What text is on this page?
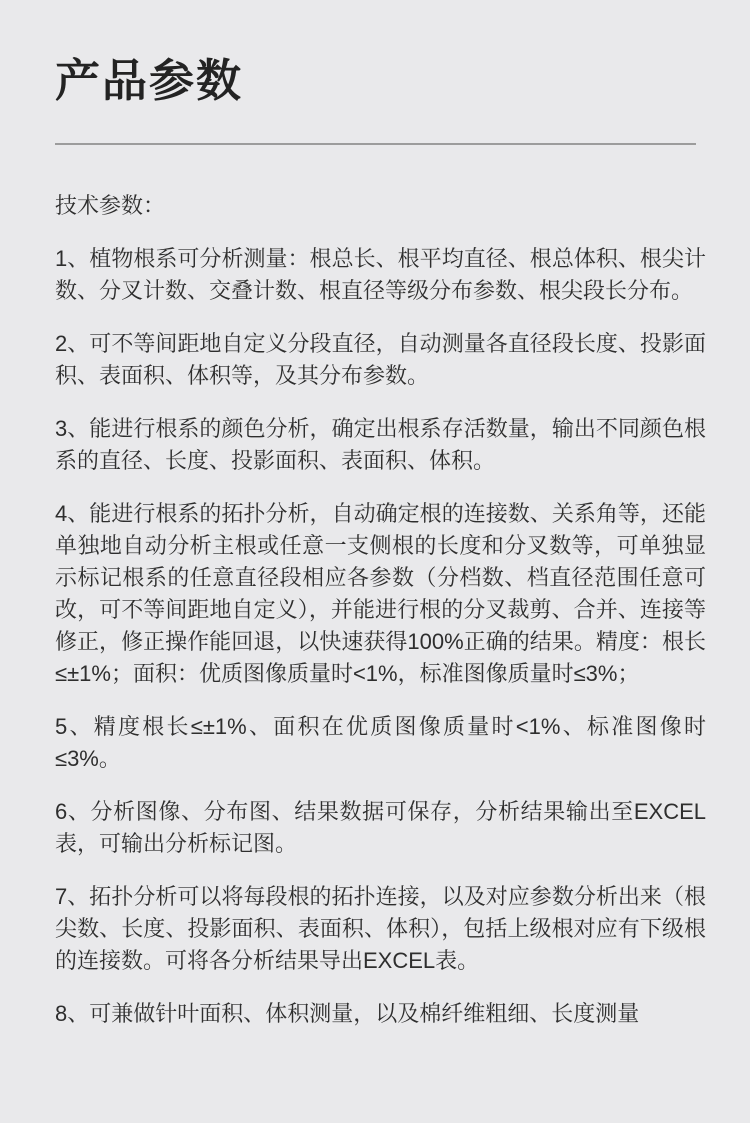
产品参数

技术参数：

1、植物根系可分析测量：根总长、根平均直径、根总体积、根尖计数、分叉计数、交叠计数、根直径等级分布参数、根尖段长分布。

2、可不等间距地自定义分段直径，自动测量各直径段长度、投影面积、表面积、体积等，及其分布参数。

3、能进行根系的颜色分析，确定出根系存活数量，输出不同颜色根系的直径、长度、投影面积、表面积、体积。

4、能进行根系的拓扑分析，自动确定根的连接数、关系角等，还能单独地自动分析主根或任意一支侧根的长度和分叉数等，可单独显示标记根系的任意直径段相应各参数（分档数、档直径范围任意可改，可不等间距地自定义），并能进行根的分叉裁剪、合并、连接等修正，修正操作能回退，以快速获得100%正确的结果。精度：根长≤±1%；面积：优质图像质量时<1%，标准图像质量时≤3%；

5、精度根长≤±1%、面积在优质图像质量时<1%、标准图像时≤3%。

6、分析图像、分布图、结果数据可保存，分析结果输出至EXCEL表，可输出分析标记图。

7、拓扑分析可以将每段根的拓扑连接，以及对应参数分析出来（根尖数、长度、投影面积、表面积、体积），包括上级根对应有下级根的连接数。可将各分析结果导出EXCEL表。

8、可兼做针叶面积、体积测量，以及棉纤维粗细、长度测量
